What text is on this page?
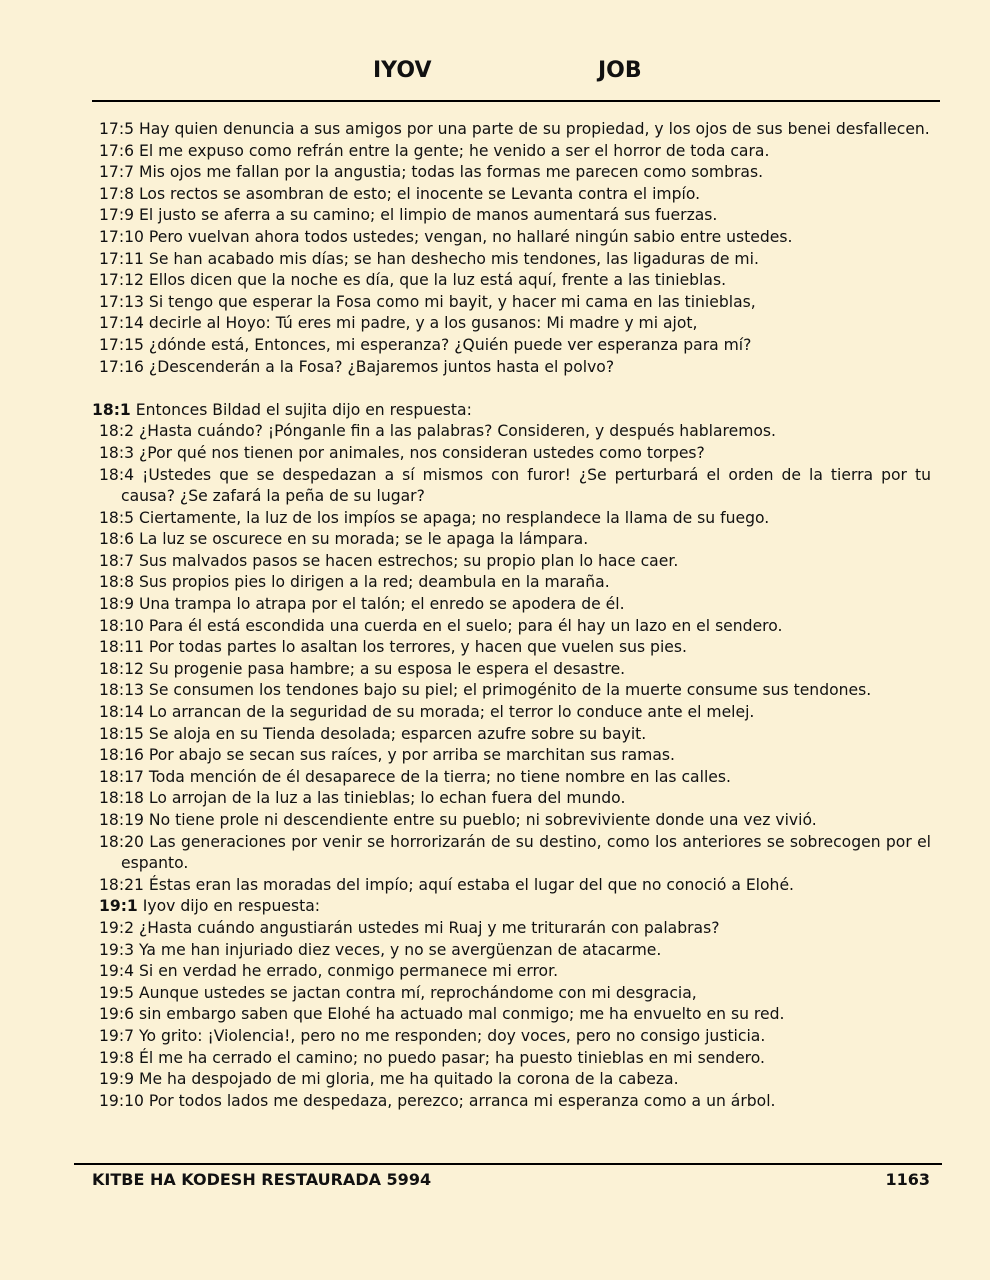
IYOV	JOB

17:5 Hay quien denuncia a sus amigos por una parte de su propiedad, y los ojos de sus benei desfallecen.

17:6 El me expuso como refrán entre la gente; he venido a ser el horror de toda cara.

17:7 Mis ojos me fallan por la angustia; todas las formas me parecen como sombras.

17:8 Los rectos se asombran de esto; el inocente se Levanta contra el impío.

17:9 El justo se aferra a su camino; el limpio de manos aumentará sus fuerzas.

17:10 Pero vuelvan ahora todos ustedes; vengan, no hallaré ningún sabio entre ustedes.

17:11 Se han acabado mis días; se han deshecho mis tendones, las ligaduras de mi.

17:12 Ellos dicen que la noche es día, que la luz está aquí, frente a las tinieblas.

17:13 Si tengo que esperar la Fosa como mi bayit, y hacer mi cama en las tinieblas,

17:14 decirle al Hoyo: Tú eres mi padre, y a los gusanos: Mi madre y mi ajot,

17:15 ¿dónde está, Entonces, mi esperanza? ¿Quién puede ver esperanza para mí?

17:16 ¿Descenderán a la Fosa? ¿Bajaremos juntos hasta el polvo?

18:1 Entonces Bildad el sujita dijo en respuesta:

18:2 ¿Hasta cuándo? ¡Pónganle fin a las palabras? Consideren, y después hablaremos.

18:3 ¿Por qué nos tienen por animales, nos consideran ustedes como torpes?

18:4 ¡Ustedes que se despedazan a sí mismos con furor! ¿Se perturbará el orden de la tierra por tu causa? ¿Se zafará la peña de su lugar?

18:5 Ciertamente, la luz de los impíos se apaga; no resplandece la llama de su fuego.

18:6 La luz se oscurece en su morada; se le apaga la lámpara.

18:7 Sus malvados pasos se hacen estrechos; su propio plan lo hace caer.

18:8 Sus propios pies lo dirigen a la red; deambula en la maraña.

18:9 Una trampa lo atrapa por el talón; el enredo se apodera de él.

18:10 Para él está escondida una cuerda en el suelo; para él hay un lazo en el sendero.

18:11 Por todas partes lo asaltan los terrores, y hacen que vuelen sus pies.

18:12 Su progenie pasa hambre; a su esposa le espera el desastre.

18:13 Se consumen los tendones bajo su piel; el primogénito de la muerte consume sus tendones.

18:14 Lo arrancan de la seguridad de su morada; el terror lo conduce ante el melej.

18:15 Se aloja en su Tienda desolada; esparcen azufre sobre su bayit.

18:16 Por abajo se secan sus raíces, y por arriba se marchitan sus ramas.

18:17 Toda mención de él desaparece de la tierra; no tiene nombre en las calles.

18:18 Lo arrojan de la luz a las tinieblas; lo echan fuera del mundo.

18:19 No tiene prole ni descendiente entre su pueblo; ni sobreviviente donde una vez vivió.

18:20 Las generaciones por venir se horrorizarán de su destino, como los anteriores se sobrecogen por el espanto.

18:21 Éstas eran las moradas del impío; aquí estaba el lugar del que no conoció a Elohé.

19:1 Iyov dijo en respuesta:

19:2 ¿Hasta cuándo angustiarán ustedes mi Ruaj y me triturarán con palabras?

19:3 Ya me han injuriado diez veces, y no se avergüenzan de atacarme.

19:4 Si en verdad he errado, conmigo permanece mi error.

19:5 Aunque ustedes se jactan contra mí, reprochándome con mi desgracia,

19:6 sin embargo saben que Elohé ha actuado mal conmigo; me ha envuelto en su red.

19:7 Yo grito: ¡Violencia!, pero no me responden; doy voces, pero no consigo justicia.

19:8 Él me ha cerrado el camino; no puedo pasar; ha puesto tinieblas en mi sendero.

19:9 Me ha despojado de mi gloria, me ha quitado la corona de la cabeza.

19:10 Por todos lados me despedaza, perezco; arranca mi esperanza como a un árbol.

KITBE HA KODESH RESTAURADA 5994	1163
